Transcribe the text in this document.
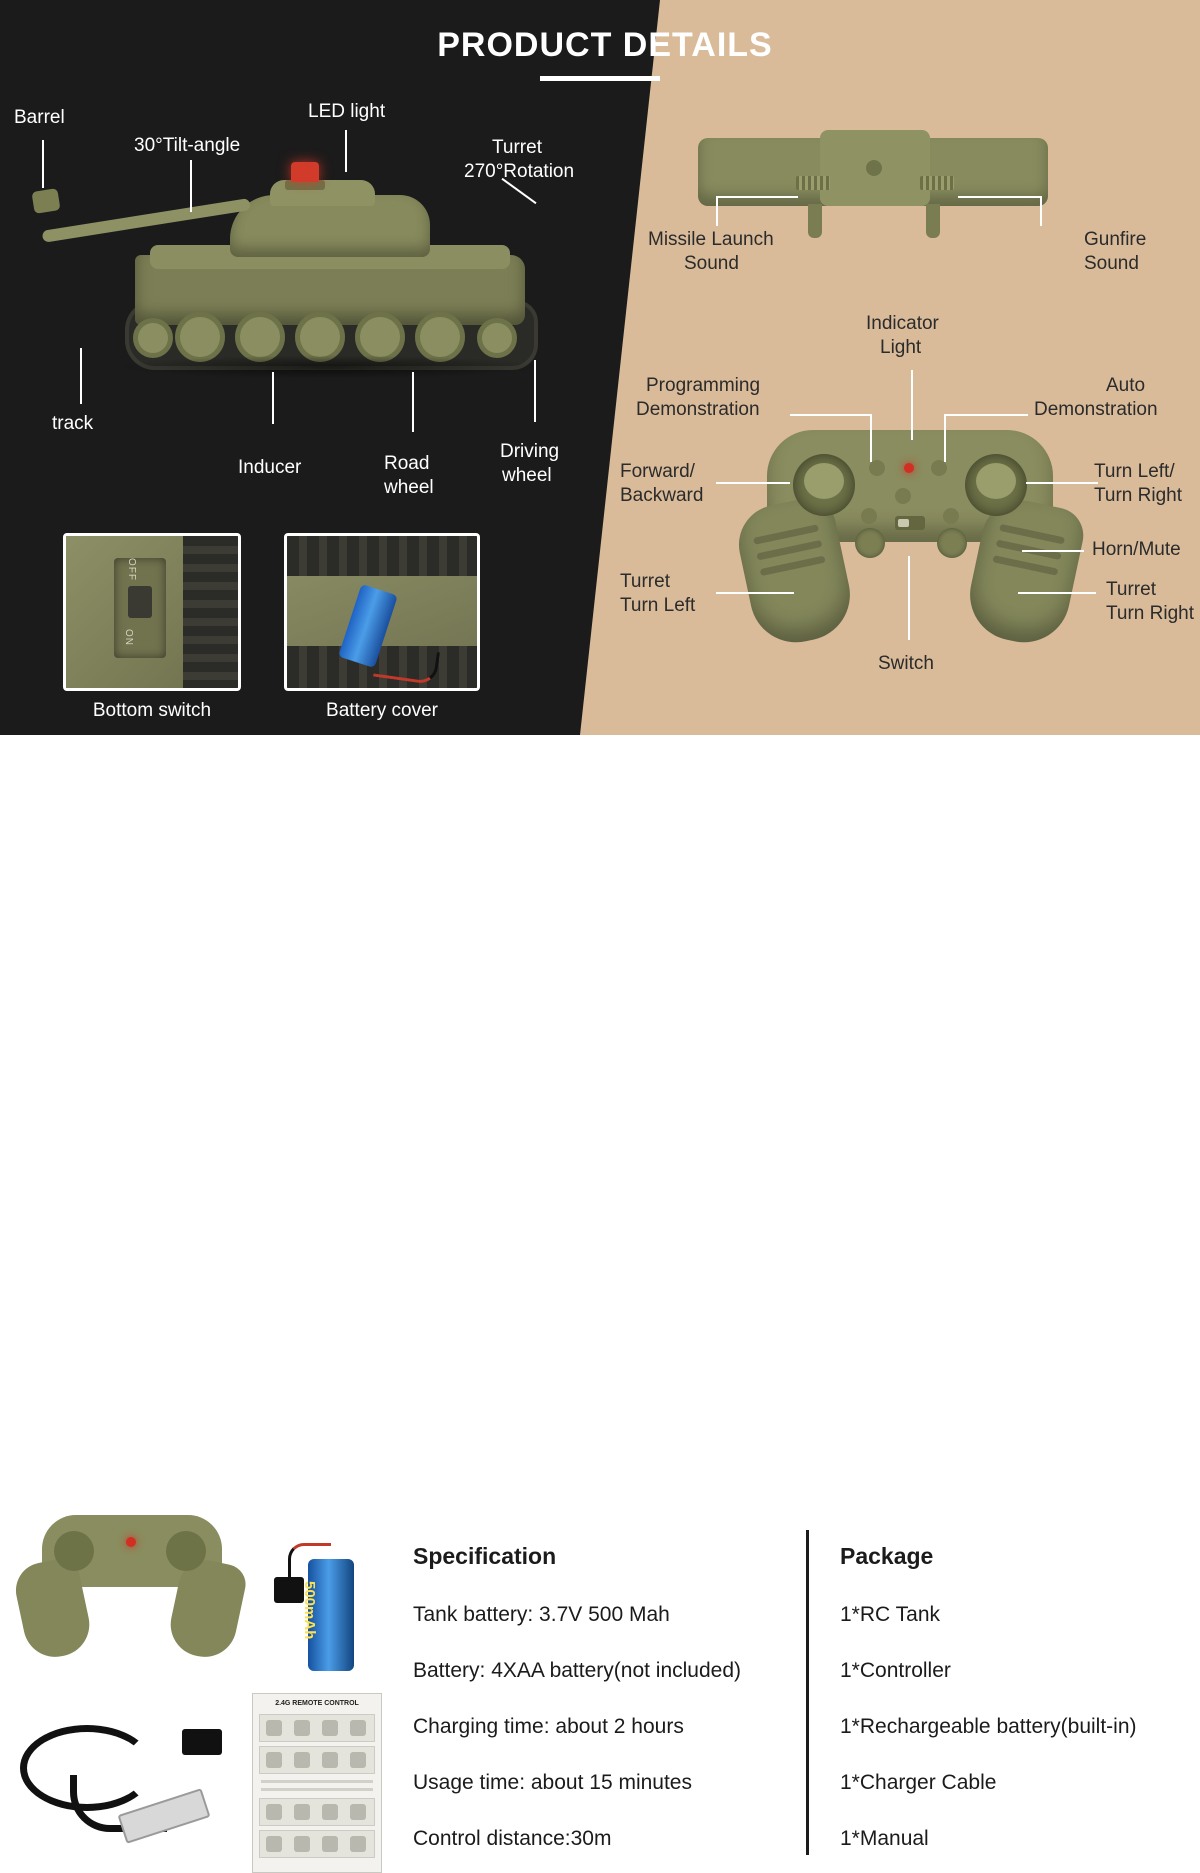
PRODUCT DETAILS
Barrel
30°Tilt-angle
LED light
Turret
270°Rotation
track
Inducer	Road
wheel
Driving
wheel
OFF
ON
Bottom switch	Battery cover
Missile Launch
Sound
Gunfire
Sound
Indicator
Light
Programming
Demonstration
Auto
Demonstration
Forward/
Backward
Turn Left/
Turn Right
Horn/Mute
Turret
Turn Left
Turret
Turn Right
Switch
500mAh
2.4G REMOTE CONTROL
Specification
Tank battery: 3.7V 500 Mah
Battery: 4XAA battery(not included)
Charging time: about 2 hours
Usage time: about 15 minutes
Control distance:30m
Package
1*RC Tank
1*Controller
1*Rechargeable battery(built-in)
1*Charger Cable
1*Manual
